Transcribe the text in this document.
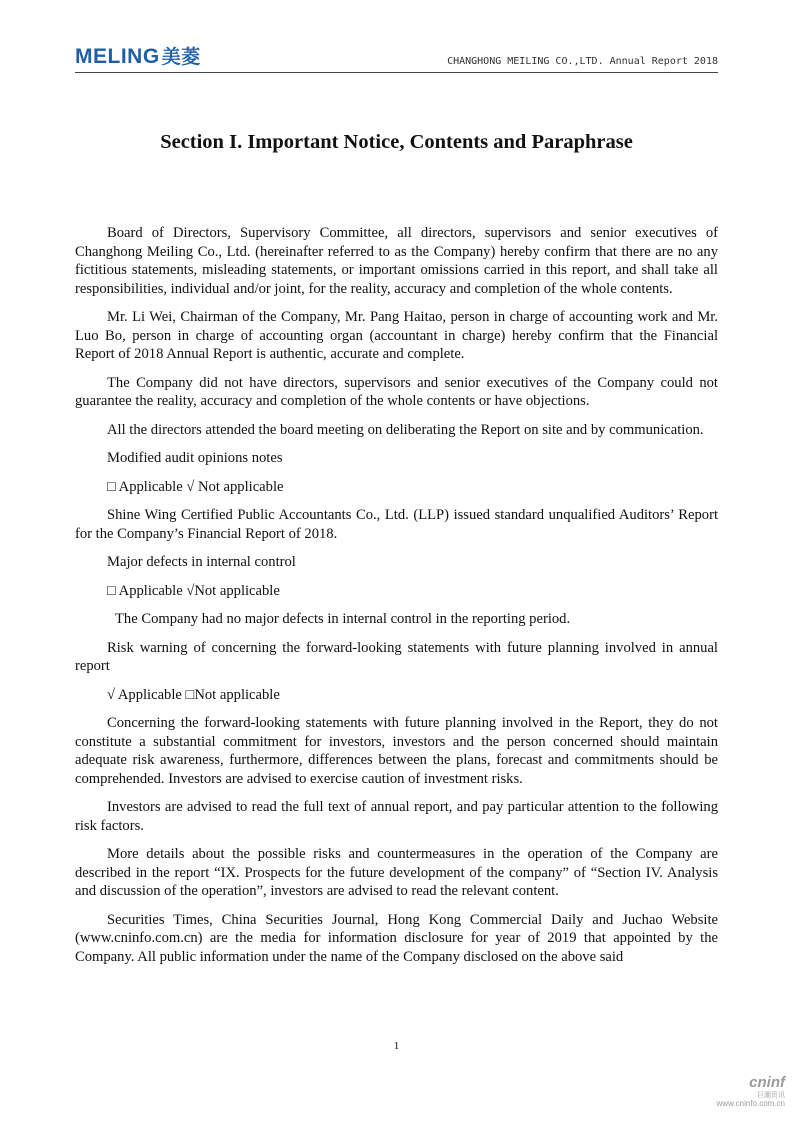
MELING 美菱	CHANGHONG MEILING CO.,LTD. Annual Report 2018
Section I. Important Notice, Contents and Paraphrase

Board of Directors, Supervisory Committee, all directors, supervisors and senior executives of Changhong Meiling Co., Ltd. (hereinafter referred to as the Company) hereby confirm that there are no any fictitious statements, misleading statements, or important omissions carried in this report, and shall take all responsibilities, individual and/or joint, for the reality, accuracy and completion of the whole contents.

Mr. Li Wei, Chairman of the Company, Mr. Pang Haitao, person in charge of accounting work and Mr. Luo Bo, person in charge of accounting organ (accountant in charge) hereby confirm that the Financial Report of 2018 Annual Report is authentic, accurate and complete.

The Company did not have directors, supervisors and senior executives of the Company could not guarantee the reality, accuracy and completion of the whole contents or have objections.

All the directors attended the board meeting on deliberating the Report on site and by communication.

Modified audit opinions notes

□ Applicable √ Not applicable

Shine Wing Certified Public Accountants Co., Ltd. (LLP) issued standard unqualified Auditors’ Report for the Company’s Financial Report of 2018.

Major defects in internal control

□ Applicable √Not applicable

The Company had no major defects in internal control in the reporting period.

Risk warning of concerning the forward-looking statements with future planning involved in annual report

√ Applicable □Not applicable

Concerning the forward-looking statements with future planning involved in the Report, they do not constitute a substantial commitment for investors, investors and the person concerned should maintain adequate risk awareness, furthermore, differences between the plans, forecast and commitments should be comprehended. Investors are advised to exercise caution of investment risks.

Investors are advised to read the full text of annual report, and pay particular attention to the following risk factors.

More details about the possible risks and countermeasures in the operation of the Company are described in the report “IX. Prospects for the future development of the company” of “Section IV. Analysis and discussion of the operation”, investors are advised to read the relevant content.

Securities Times, China Securities Journal, Hong Kong Commercial Daily and Juchao Website (www.cninfo.com.cn) are the media for information disclosure for year of 2019 that appointed by the Company. All public information under the name of the Company disclosed on the above said

1
cninf
巨潮资讯
www.cninfo.com.cn
